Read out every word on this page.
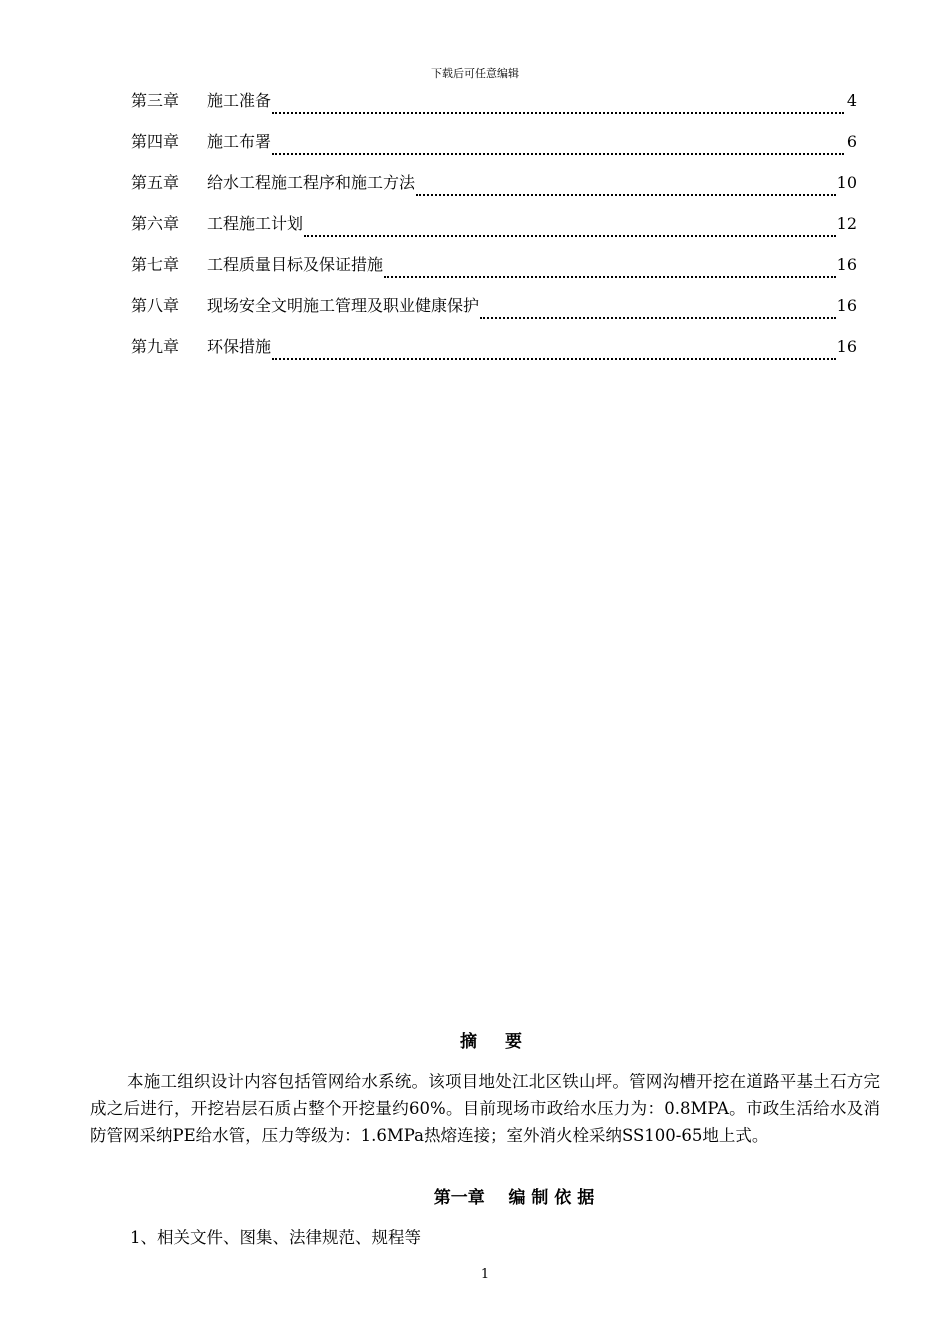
下载后可任意编辑
第三章	施工准备	4
第四章	施工布署	6
第五章	给水工程施工程序和施工方法	10
第六章	工程施工计划	12
第七章	工程质量目标及保证措施	16
第八章	现场安全文明施工管理及职业健康保护	16
第九章	环保措施	16
摘要
本施工组织设计内容包括管网给水系统。该项目地处江北区铁山坪。管网沟槽开挖在道路平基土石方完成之后进行，开挖岩层石质占整个开挖量约60%。目前现场市政给水压力为：0.8MPA。市政生活给水及消防管网采纳PE给水管，压力等级为：1.6MPa热熔连接；室外消火栓采纳SS100-65地上式。
第一章    编 制 依 据
1、相关文件、图集、法律规范、规程等
1
